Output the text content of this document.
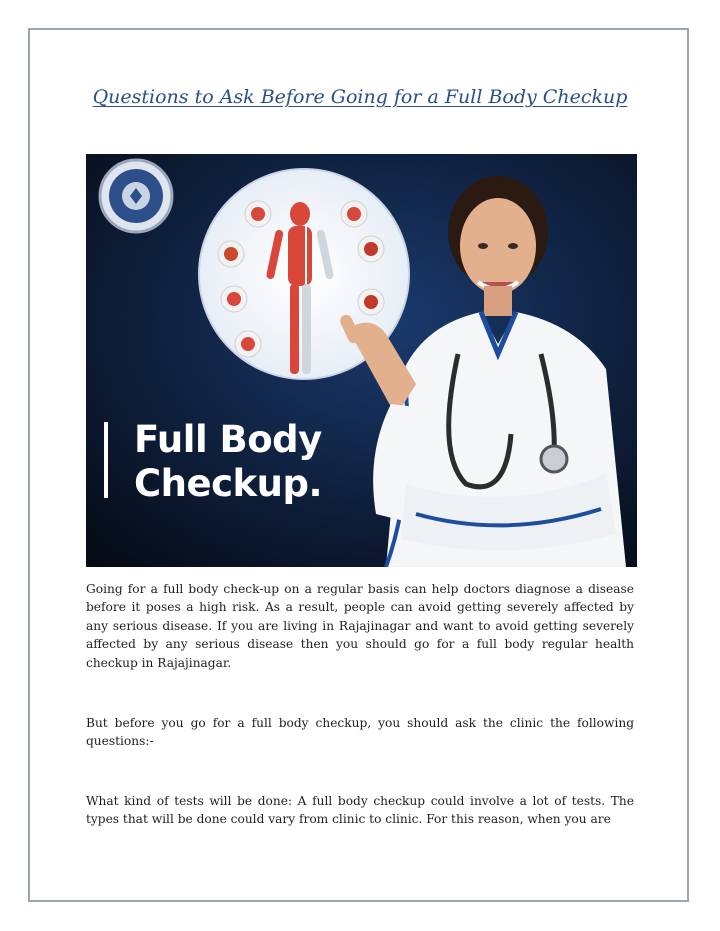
Questions to Ask Before Going for a Full Body Checkup
Full Body
Checkup.

Going for a full body check-up on a regular basis can help doctors diagnose a disease before it poses a high risk. As a result, people can avoid getting severely affected by any serious disease. If you are living in Rajajinagar and want to avoid getting severely affected by any serious disease then you should go for a full body regular health checkup in Rajajinagar.

But before you go for a full body checkup, you should ask the clinic the following questions:-

What kind of tests will be done: A full body checkup could involve a lot of tests. The types that will be done could vary from clinic to clinic. For this reason, when you are
